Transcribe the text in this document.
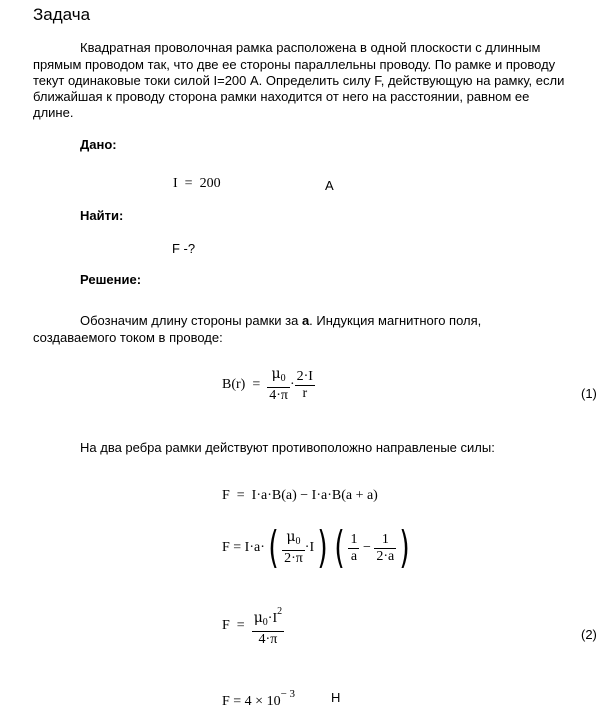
Задача
Квадратная проволочная рамка расположена в одной плоскости с длинным
прямым проводом так, что две ее стороны параллельны проводу. По рамке и проводу
текут одинаковые токи силой I=200 А. Определить силу F, действующую на рамку, если
ближайшая к проводу сторона рамки находится от него на расстоянии, равном ее
длине.
Дано:
I = 200	А
Найти:
F -?
Решение:
Обозначим длину стороны рамки за a. Индукция магнитного поля,
создаваемого током в проводе:
$B(r) = \frac{\mu_0}{4\cdot\pi} \cdot \frac{2\cdot I}{r}$	(1)
На два ребра рамки действуют противоположно направленые силы:
F  =  I·a·B(a) − I·a·B(a + a)
$F = I\cdot a\cdot( \frac{\mu_0}{2\cdot\pi} \cdot I)$ ( $\frac{1}{a} - \frac{1}{2\cdot a}$ )
$F = \frac{\mu_0\cdot I^2}{4\cdot\pi}$	(2)
$F = 4 \times 10^{- 3}$	Н
